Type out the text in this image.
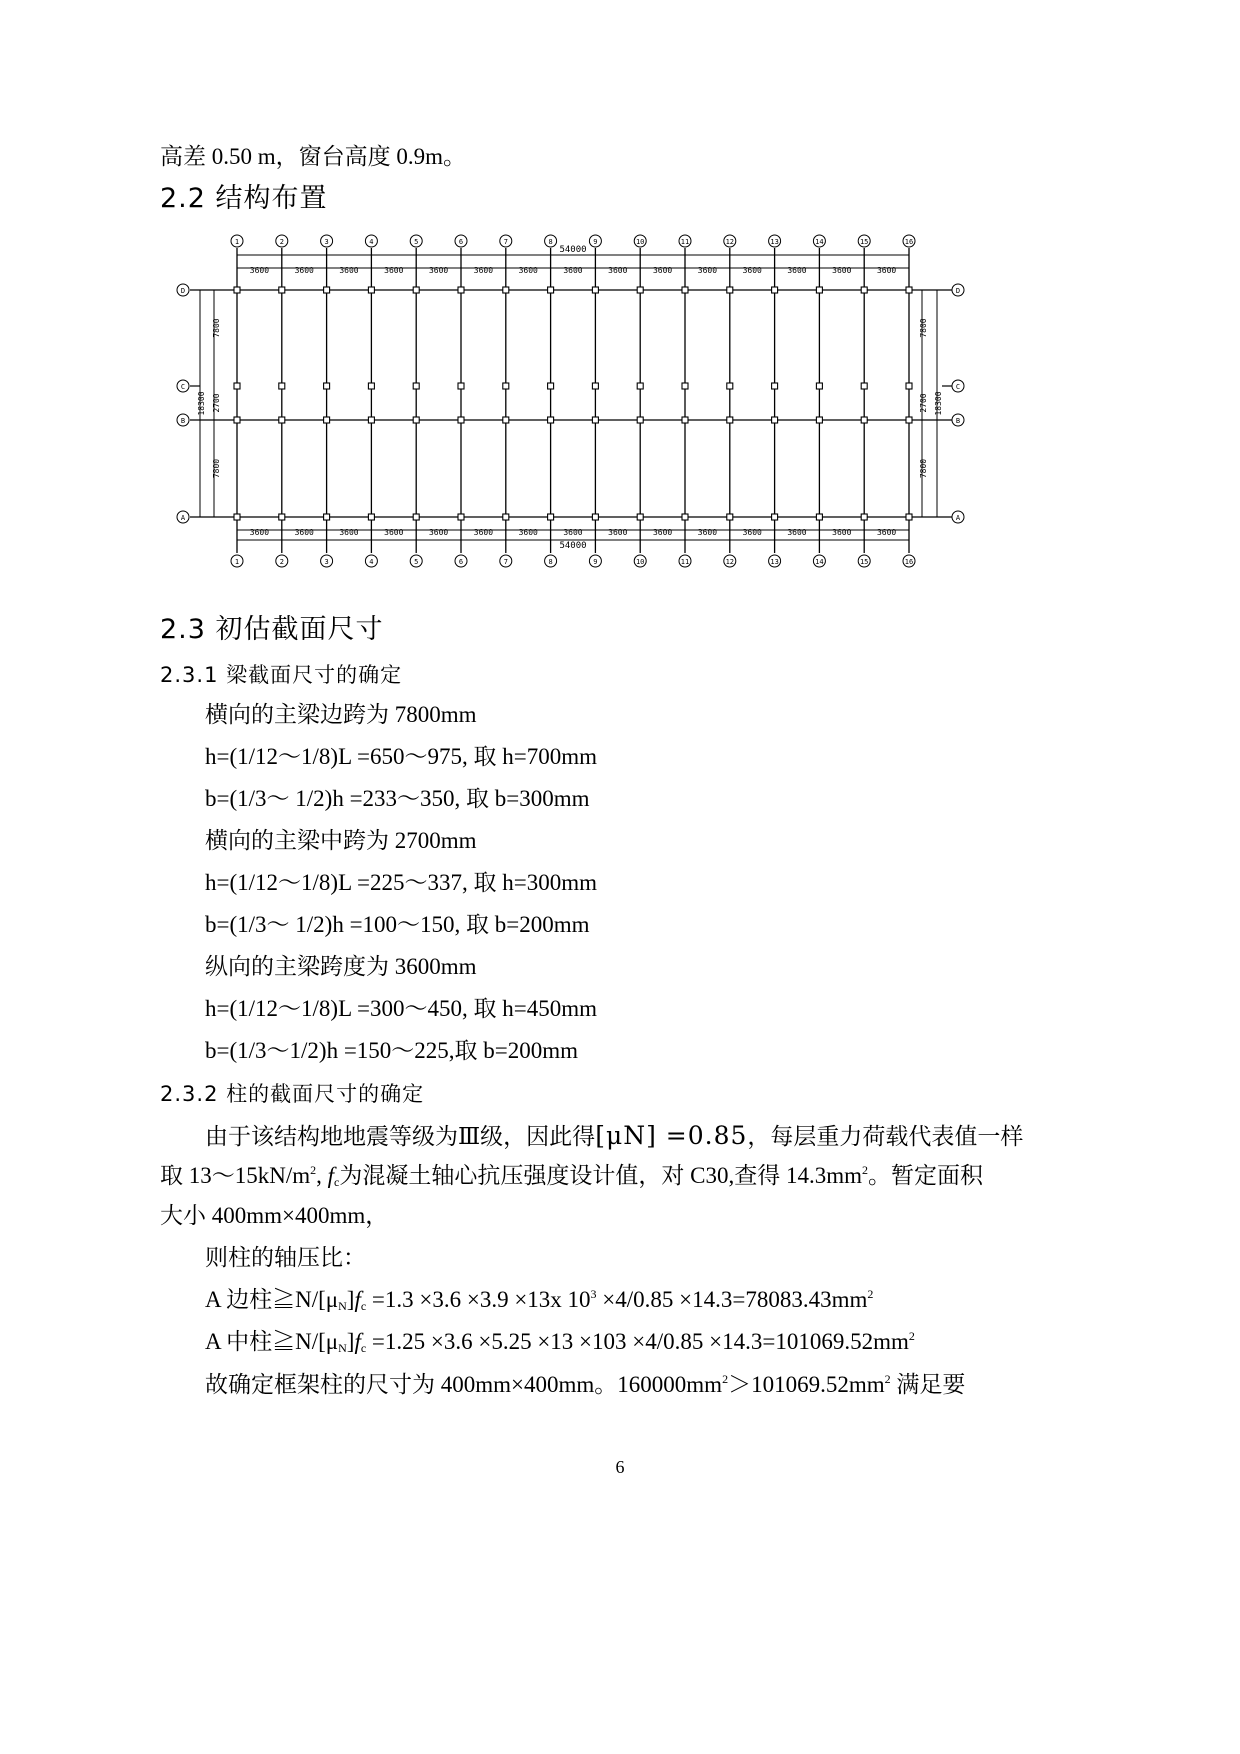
高差 0.50 m，窗台高度 0.9m。
2.2 结构布置
54000
3600	3600	3600	3600	3600	3600	3600	3600	3600	3600	3600	3600	3600	3600	3600
3600	3600	3600	3600	3600	3600	3600	3600	3600	3600	3600	3600	3600	3600	3600
54000
7800	7800
2700	2700
7800	7800
18300	18300
1
1
2
2
3
3
4
4
5
5
6
6
7
7
8
8
9
9
10
10
11
11
12
12
13
13
14
14
15
15
16
16
D	D
C	C
B	B
A	A
2.3 初估截面尺寸
2.3.1 梁截面尺寸的确定
横向的主梁边跨为 7800mm
h=(1/12～1/8)L =650～975, 取 h=700mm
b=(1/3～ 1/2)h =233～350, 取 b=300mm
横向的主梁中跨为 2700mm
h=(1/12～1/8)L =225～337, 取 h=300mm
b=(1/3～ 1/2)h =100～150, 取 b=200mm
纵向的主梁跨度为 3600mm
h=(1/12～1/8)L =300～450, 取 h=450mm
b=(1/3～1/2)h =150～225,取 b=200mm
2.3.2 柱的截面尺寸的确定
由于该结构地地震等级为Ⅲ级，因此得[μN] =0.85，每层重力荷载代表值一样
取 $13\sim 15kN/m^2$, $f_c$为混凝土轴心抗压强度设计值，对 C30,查得 $14.3mm^2$。暂定面积
大小 400mm×400mm，
则柱的轴压比：
A 边柱$≧N/[\mu_N]f_c =1.3 \times 3.6 \times 3.9 \times 13x$ $10^3 \times 4/0.85 \times 14.3=78083.43mm^2$
A 中柱$≧N/[\mu_N]f_c =1.25 \times 3.6 \times 5.25 \times 13 \times 103 \times 4/0.85 \times 14.3=101069.52mm^2$
故确定框架柱的尺寸为 400mm×400mm。$160000mm^2>101069.52mm^2$ 满足要
6
